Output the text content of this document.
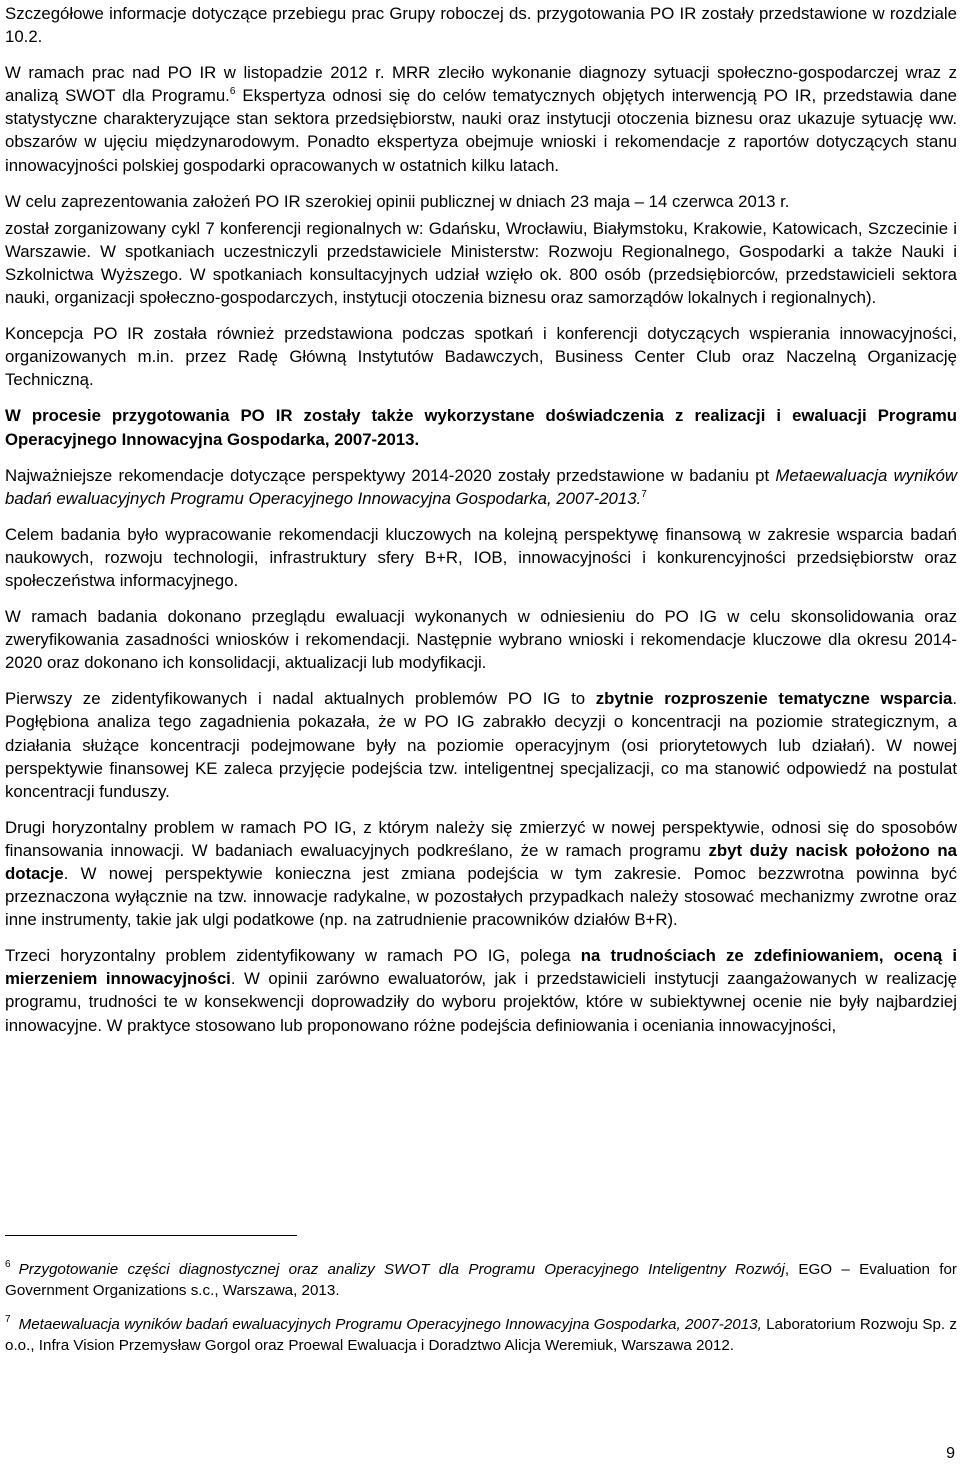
Szczegółowe informacje dotyczące przebiegu prac Grupy roboczej ds. przygotowania PO IR zostały przedstawione w rozdziale 10.2.

W ramach prac nad PO IR w listopadzie 2012 r. MRR zleciło wykonanie diagnozy sytuacji społeczno-gospodarczej wraz z analizą SWOT dla Programu.$^6$ Ekspertyza odnosi się do celów tematycznych objętych interwencją PO IR, przedstawia dane statystyczne charakteryzujące stan sektora przedsiębiorstw, nauki oraz instytucji otoczenia biznesu oraz ukazuje sytuację ww. obszarów w ujęciu międzynarodowym. Ponadto ekspertyza obejmuje wnioski i rekomendacje z raportów dotyczących stanu innowacyjności polskiej gospodarki opracowanych w ostatnich kilku latach.

W celu zaprezentowania założeń PO IR szerokiej opinii publicznej w dniach 23 maja – 14 czerwca 2013 r.

został zorganizowany cykl 7 konferencji regionalnych w: Gdańsku, Wrocławiu, Białymstoku, Krakowie, Katowicach, Szczecinie i Warszawie. W spotkaniach uczestniczyli przedstawiciele Ministerstw: Rozwoju Regionalnego, Gospodarki a także Nauki i Szkolnictwa Wyższego. W spotkaniach konsultacyjnych udział wzięło ok. 800 osób (przedsiębiorców, przedstawicieli sektora nauki, organizacji społeczno-gospodarczych, instytucji otoczenia biznesu oraz samorządów lokalnych i regionalnych).

Koncepcja PO IR została również przedstawiona podczas spotkań i konferencji dotyczących wspierania innowacyjności, organizowanych m.in. przez Radę Główną Instytutów Badawczych, Business Center Club oraz Naczelną Organizację Techniczną.

W procesie przygotowania PO IR zostały także wykorzystane doświadczenia z realizacji i ewaluacji Programu Operacyjnego Innowacyjna Gospodarka, 2007-2013.

Najważniejsze rekomendacje dotyczące perspektywy 2014-2020 zostały przedstawione w badaniu pt Metaewaluacja wyników badań ewaluacyjnych Programu Operacyjnego Innowacyjna Gospodarka, 2007-2013.$^7$

Celem badania było wypracowanie rekomendacji kluczowych na kolejną perspektywę finansową w zakresie wsparcia badań naukowych, rozwoju technologii, infrastruktury sfery B+R, IOB, innowacyjności i konkurencyjności przedsiębiorstw oraz społeczeństwa informacyjnego.

W ramach badania dokonano przeglądu ewaluacji wykonanych w odniesieniu do PO IG w celu skonsolidowania oraz zweryfikowania zasadności wniosków i rekomendacji. Następnie wybrano wnioski i rekomendacje kluczowe dla okresu 2014-2020 oraz dokonano ich konsolidacji, aktualizacji lub modyfikacji.

Pierwszy ze zidentyfikowanych i nadal aktualnych problemów PO IG to zbytnie rozproszenie tematyczne wsparcia. Pogłębiona analiza tego zagadnienia pokazała, że w PO IG zabrakło decyzji o koncentracji na poziomie strategicznym, a działania służące koncentracji podejmowane były na poziomie operacyjnym (osi priorytetowych lub działań). W nowej perspektywie finansowej KE zaleca przyjęcie podejścia tzw. inteligentnej specjalizacji, co ma stanowić odpowiedź na postulat koncentracji funduszy.

Drugi horyzontalny problem w ramach PO IG, z którym należy się zmierzyć w nowej perspektywie, odnosi się do sposobów finansowania innowacji. W badaniach ewaluacyjnych podkreślano, że w ramach programu zbyt duży nacisk położono na dotacje. W nowej perspektywie konieczna jest zmiana podejścia w tym zakresie. Pomoc bezzwrotna powinna być przeznaczona wyłącznie na tzw. innowacje radykalne, w pozostałych przypadkach należy stosować mechanizmy zwrotne oraz inne instrumenty, takie jak ulgi podatkowe (np. na zatrudnienie pracowników działów B+R).

Trzeci horyzontalny problem zidentyfikowany w ramach PO IG, polega na trudnościach ze zdefiniowaniem, oceną i mierzeniem innowacyjności. W opinii zarówno ewaluatorów, jak i przedstawicieli instytucji zaangażowanych w realizację programu, trudności te w konsekwencji doprowadziły do wyboru projektów, które w subiektywnej ocenie nie były najbardziej innowacyjne. W praktyce stosowano lub proponowano różne podejścia definiowania i oceniania innowacyjności,

$^6$ Przygotowanie części diagnostycznej oraz analizy SWOT dla Programu Operacyjnego Inteligentny Rozwój, EGO – Evaluation for Government Organizations s.c., Warszawa, 2013.

$^7$ Metaewaluacja wyników badań ewaluacyjnych Programu Operacyjnego Innowacyjna Gospodarka, 2007-2013, Laboratorium Rozwoju Sp. z o.o., Infra Vision Przemysław Gorgol oraz Proewal Ewaluacja i Doradztwo Alicja Weremiuk, Warszawa 2012.

9
